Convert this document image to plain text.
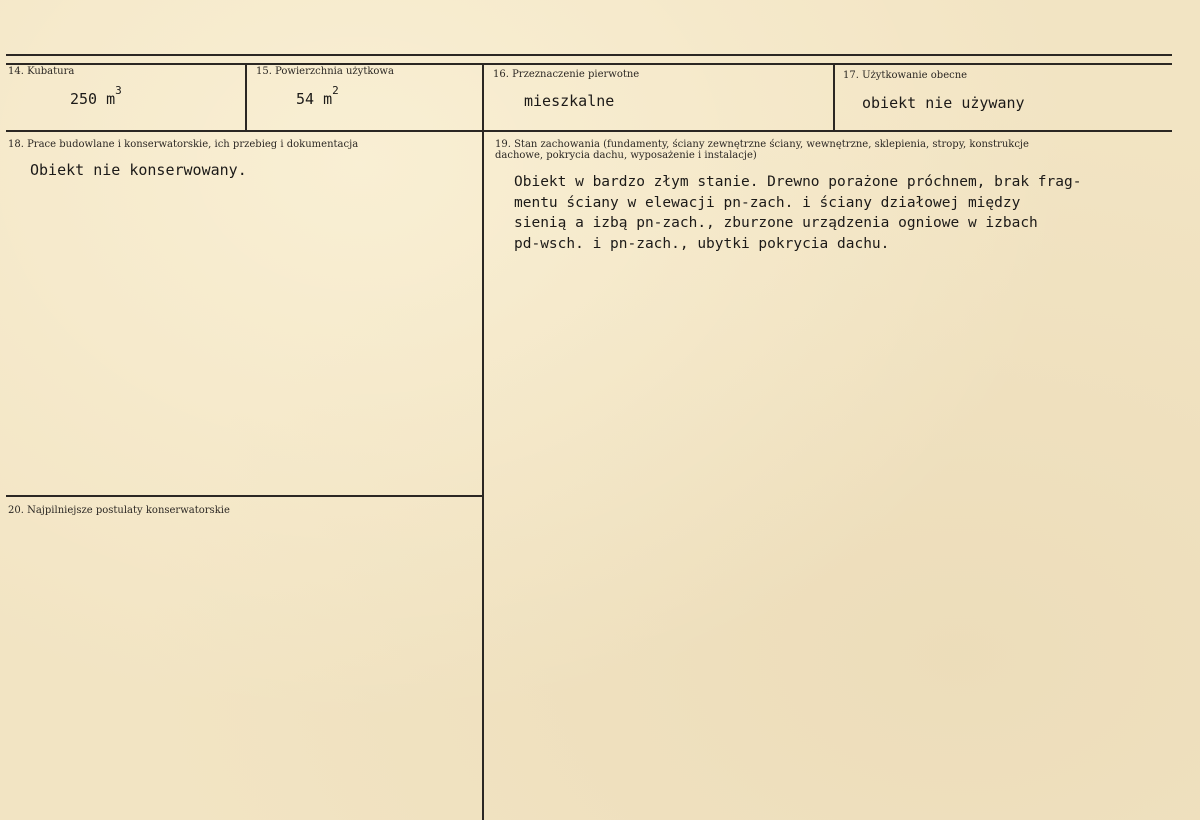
14. Kubatura
250 $m^3$
15. Powierzchnia użytkowa
54 $m^2$
16. Przeznaczenie pierwotne
mieszkalne
17. Użytkowanie obecne
obiekt nie używany
18. Prace budowlane i konserwatorskie, ich przebieg i dokumentacja
Obiekt nie konserwowany.
19. Stan zachowania (fundamenty, ściany zewnętrzne ściany, wewnętrzne, sklepienia, stropy, konstrukcje dachowe, pokrycia dachu, wyposażenie i instalacje)
Obiekt w bardzo złym stanie. Drewno porażone próchnem, brak frag-
mentu ściany w elewacji pn-zach. i ściany działowej między
sienią a izbą pn-zach., zburzone urządzenia ogniowe w izbach
pd-wsch. i pn-zach., ubytki pokrycia dachu.
20. Najpilniejsze postulaty konserwatorskie
